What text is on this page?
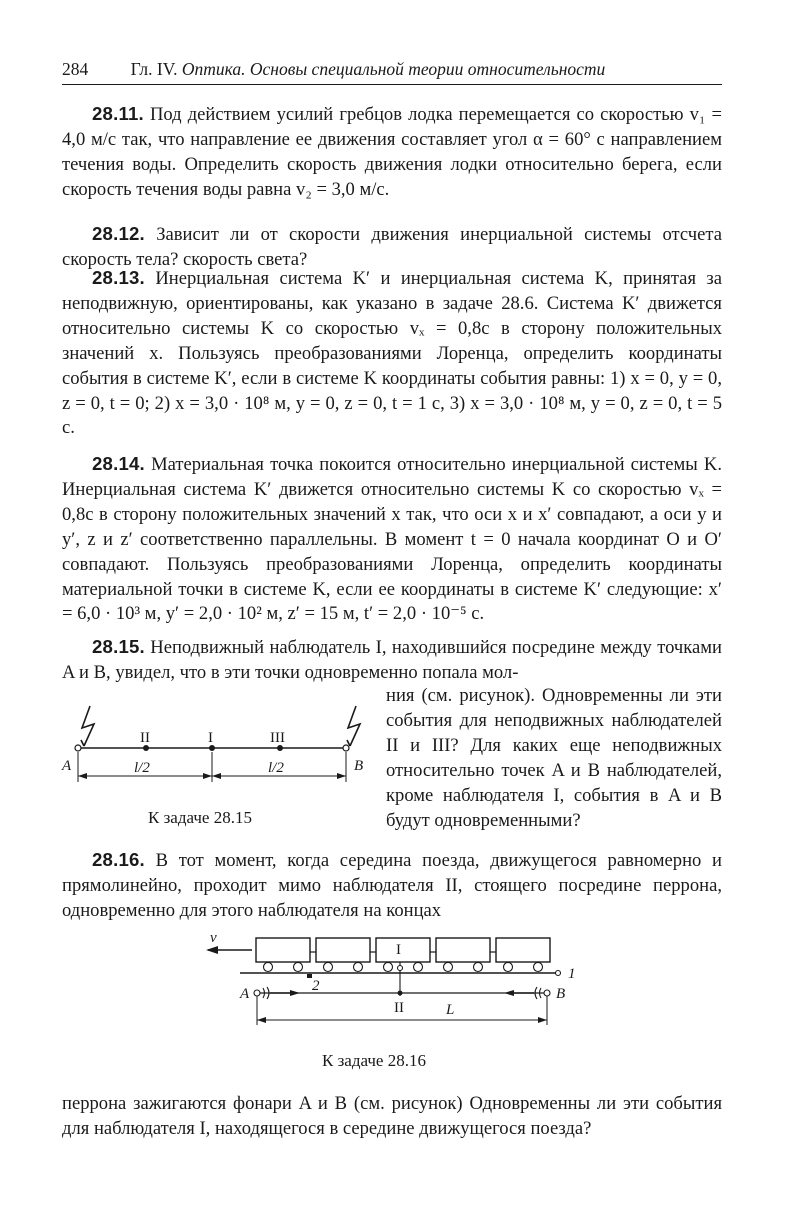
284 Гл. IV. Оптика. Основы специальной теории относительности
28.11. Под действием усилий гребцов лодка перемещается со скоростью v₁ = 4,0 м/с так, что направление ее движения составляет угол α = 60° с направлением течения воды. Определить скорость движения лодки относительно берега, если скорость течения воды равна v₂ = 3,0 м/с.
28.12. Зависит ли от скорости движения инерциальной системы отсчета скорость тела? скорость света?
28.13. Инерциальная система K′ и инерциальная система K, принятая за неподвижную, ориентированы, как указано в задаче 28.6. Система K′ движется относительно системы K со скоростью vₓ = 0,8c в сторону положительных значений x. Пользуясь преобразованиями Лоренца, определить координаты события в системе K′, если в системе K координаты события равны: 1) x = 0, y = 0, z = 0, t = 0; 2) x = 3,0 · 10⁸ м, y = 0, z = 0, t = 1 с, 3) x = 3,0 · 10⁸ м, y = 0, z = 0, t = 5 с.
28.14. Материальная точка покоится относительно инерциальной системы K. Инерциальная система K′ движется относительно системы K со скоростью vₓ = 0,8c в сторону положительных значений x так, что оси x и x′ совпадают, а оси y и y′, z и z′ соответственно параллельны. В момент t = 0 начала координат O и O′ совпадают. Пользуясь преобразованиями Лоренца, определить координаты материальной точки в системе K, если ее координаты в системе K′ следующие: x′ = 6,0 · 10³ м, y′ = 2,0 · 10² м, z′ = 15 м, t′ = 2,0 · 10⁻⁵ с.
28.15. Неподвижный наблюдатель I, находившийся посредине между точками A и B, увидел, что в эти точки одновременно попала мол-
ния (см. рисунок). Одновременны ли эти события для неподвижных наблюдателей II и III? Для каких еще неподвижных относительно точек A и B наблюдателей, кроме наблюдателя I, события в A и B будут одновременными?
II	I	III
A	B
l/2	l/2
К задаче 28.15
28.16. В тот момент, когда середина поезда, движущегося равномерно и прямолинейно, проходит мимо наблюдателя II, стоящего посредине перрона, одновременно для этого наблюдателя на концах
v
I
1
2
A	B
II	L
К задаче 28.16
перрона зажигаются фонари A и B (см. рисунок) Одновременны ли эти события для наблюдателя I, находящегося в середине движущегося поезда?
